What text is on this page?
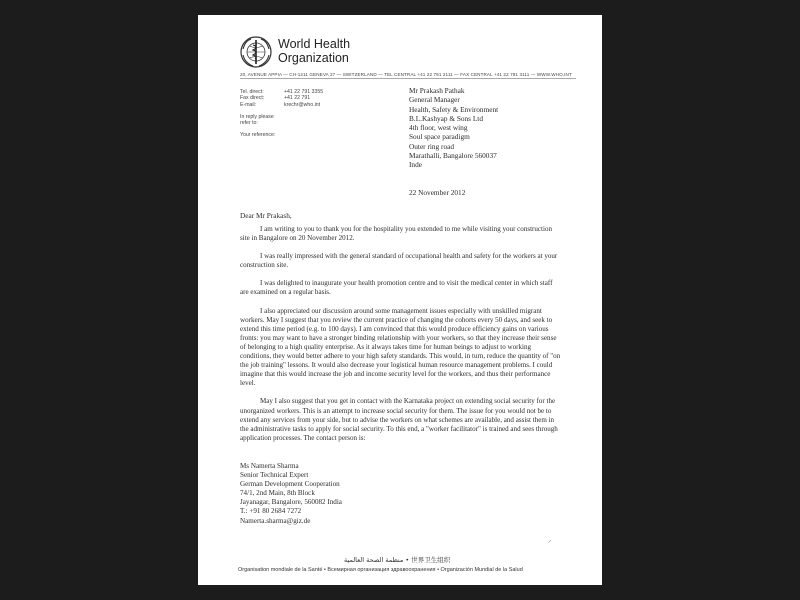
World Health
Organization
20, AVENUE APPIA — CH-1211 GENEVA 27 — SWITZERLAND — TEL CENTRAL +41 22 791 2111 — FAX CENTRAL +41 22 791 3111 — WWW.WHO.INT
Tel. direct:	+41 22 791 3355
Fax direct:	+41 22 791
E-mail:	krechr@who.int
In reply please
refer to:
Your reference:
Mr Prakash Pathak
General Manager
Health, Safety & Environment
B.L.Kashyap & Sons Ltd
4th floor, west wing
Soul space paradigm
Outer ring road
Marathalli, Bangalore 560037
Inde
22 November 2012
Dear Mr Prakash,

I am writing to you to thank you for the hospitality you extended to me while visiting your construction site in Bangalore on 20 November 2012.

I was really impressed with the general standard of occupational health and safety for the workers at your construction site.

I was delighted to inaugurate your health promotion centre and to visit the medical center in which staff are examined on a regular basis.

I also appreciated our discussion around some management issues especially with unskilled migrant workers. May I suggest that you review the current practice of changing the cohorts every 50 days, and seek to extend this time period (e.g. to 100 days). I am convinced that this would produce efficiency gains on various fronts: you may want to have a stronger binding relationship with your workers, so that they increase their sense of belonging to a high quality enterprise. As it always takes time for human beings to adjust to working conditions, they would better adhere to your high safety standards. This would, in turn, reduce the quantity of "on the job training" lessons. It would also decrease your logistical human resource management problems. I could imagine that this would increase the job and income security level for the workers, and thus their performance level.

May I also suggest that you get in contact with the Karnataka project on extending social security for the unorganized workers. This is an attempt to increase social security for them. The issue for you would not be to extend any services from your side, but to advise the workers on what schemes are available, and assist them in the administrative tasks to apply for social security. To this end, a "worker facilitator" is trained and sees through application processes. The contact person is:

Ms Namerta Sharma
Senior Technical Expert
German Development Cooperation
74/1, 2nd Main, 8th Block
Jayanagar, Bangalore, 560082 India
T.: +91 80 2684 7272
Namerta.sharma@giz.de
⸝
منظمة الصحة العالمية • 世界卫生组织
Organisation mondiale de la Santé • Всемирная организация здравоохранения • Organización Mundial de la Salud
